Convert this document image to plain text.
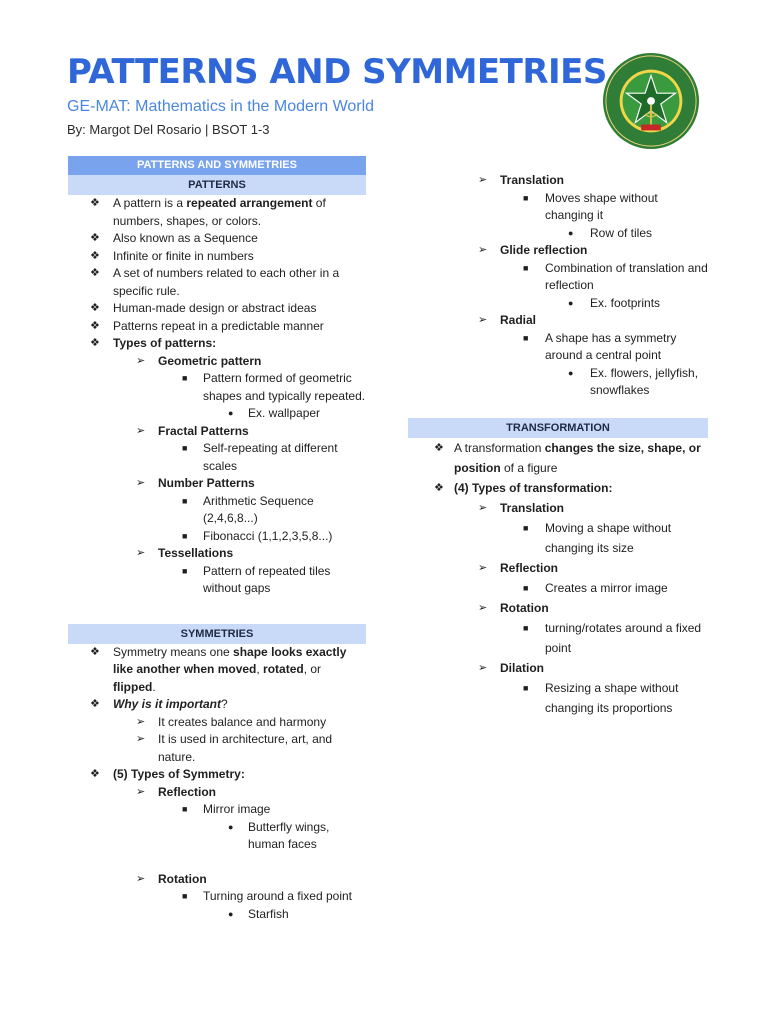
PATTERNS AND SYMMETRIES
GE-MAT: Mathematics in the Modern World
By: Margot Del Rosario | BSOT 1-3
PATTERNS AND SYMMETRIES
PATTERNS
❖ A pattern is a repeated arrangement of numbers, shapes, or colors.
❖ Also known as a Sequence
❖ Infinite or finite in numbers
❖ A set of numbers related to each other in a specific rule.
❖ Human-made design or abstract ideas
❖ Patterns repeat in a predictable manner
❖ Types of patterns:
➢ Geometric pattern
■ Pattern formed of geometric shapes and typically repeated.
● Ex. wallpaper
➢ Fractal Patterns
■ Self-repeating at different scales
➢ Number Patterns
■ Arithmetic Sequence (2,4,6,8...)
■ Fibonacci (1,1,2,3,5,8...)
➢ Tessellations
■ Pattern of repeated tiles without gaps
SYMMETRIES
❖ Symmetry means one shape looks exactly like another when moved, rotated, or flipped.
❖ Why is it important?
➢ It creates balance and harmony
➢ It is used in architecture, art, and nature.
❖ (5) Types of Symmetry:
➢ Reflection
■ Mirror image
● Butterfly wings, human faces
➢ Rotation
■ Turning around a fixed point
● Starfish
➢ Translation
■ Moves shape without changing it
● Row of tiles
➢ Glide reflection
■ Combination of translation and reflection
● Ex. footprints
➢ Radial
■ A shape has a symmetry around a central point
● Ex. flowers, jellyfish, snowflakes
TRANSFORMATION
❖ A transformation changes the size, shape, or position of a figure
❖ (4) Types of transformation:
➢ Translation
■ Moving a shape without changing its size
➢ Reflection
■ Creates a mirror image
➢ Rotation
■ turning/rotates around a fixed point
➢ Dilation
■ Resizing a shape without changing its proportions
